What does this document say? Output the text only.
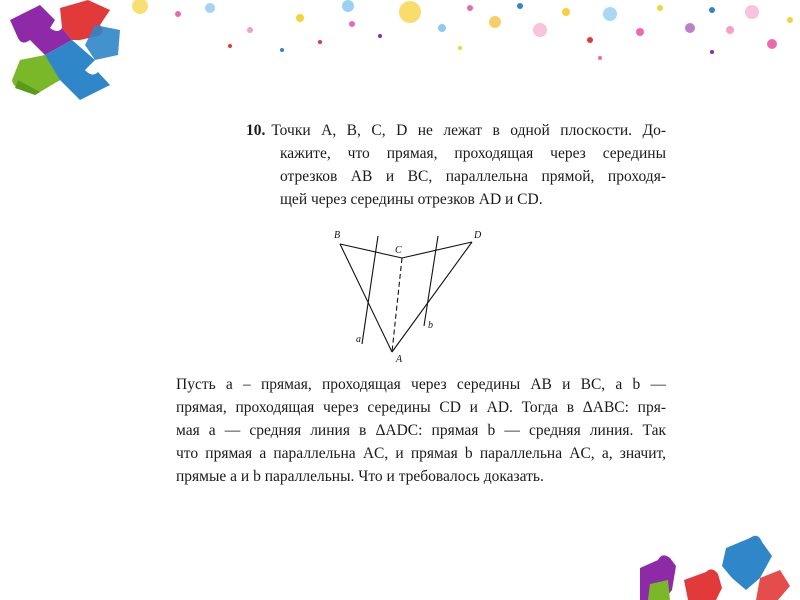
10. Точки A, B, C, D не лежат в одной плоскости. До-
кажите, что прямая, проходящая через середины
отрезков AB и BC, параллельна прямой, проходя-
щей через середины отрезков AD и CD.
B
C
D
A
a
b
Пусть a – прямая, проходящая через середины AB и BC, а b —
прямая, проходящая через середины CD и AD. Тогда в ΔABC: пря-
мая a — средняя линия в ΔADC: прямая b — средняя линия. Так
что прямая a параллельна AC, и прямая b параллельна AC, а, значит,
прямые a и b параллельны. Что и требовалось доказать.
